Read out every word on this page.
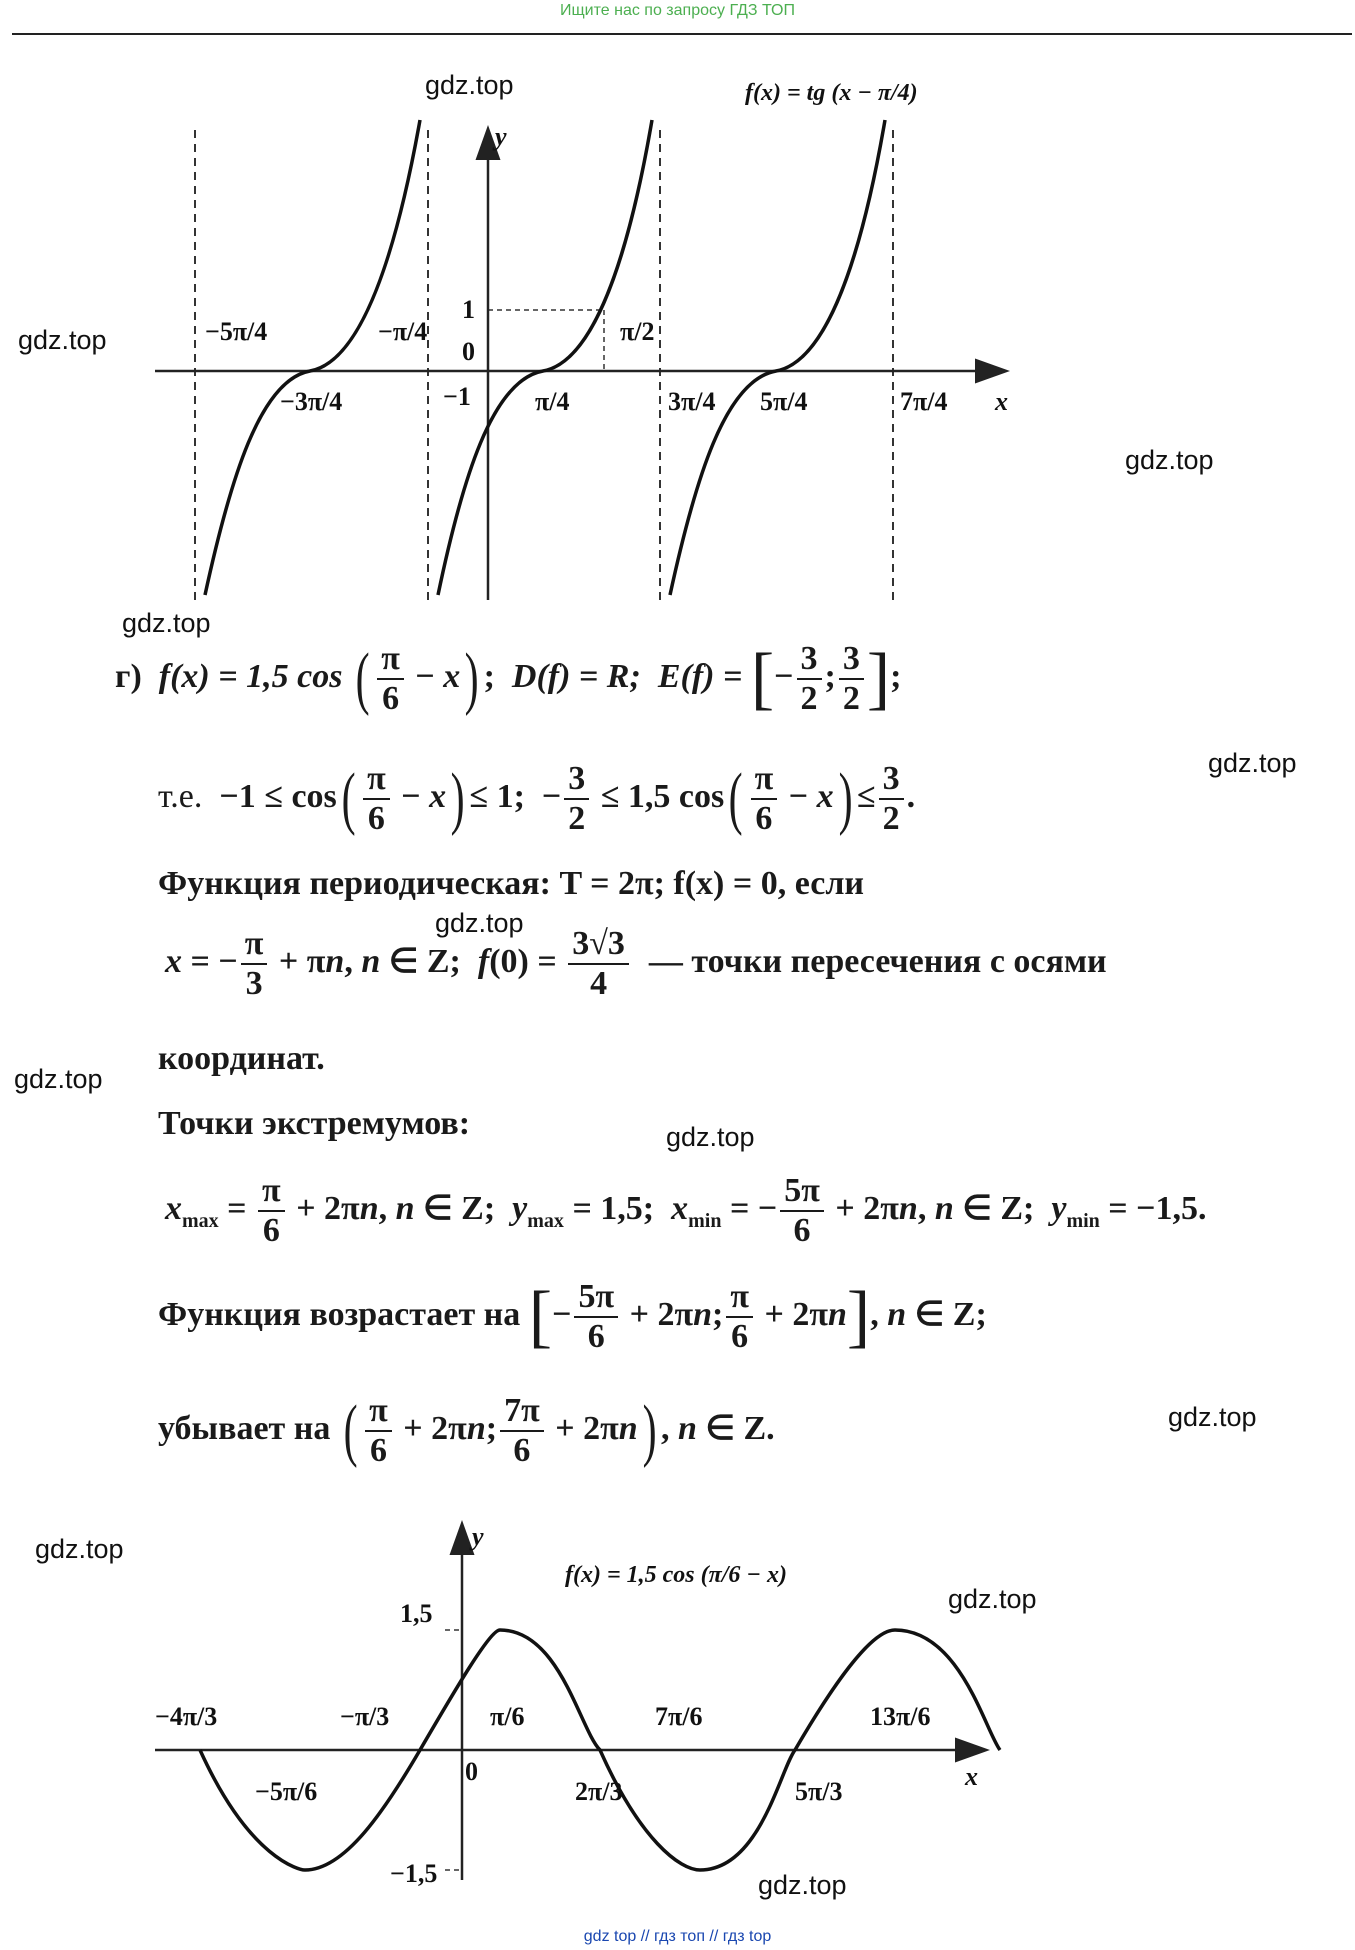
Ищите нас по запросу ГДЗ ТОП
y
x
f(x) = tg (x − π/4)
1
0
−1
−5π/4	−π/4
−3π/4	π/4
π/2
3π/4 5π/4	7π/4
gdz.top
gdz.top
gdz.top
gdz.top
gdz.top
gdz.top
gdz.top
gdz.top
gdz.top
gdz.top
gdz.top
gdz.top
г) f(x) = 1,5 cos ( $\frac{\pi}{6} - x$) ;  D(f) = R; E(f) = [− $\frac{3}{2}$ ; $\frac{3}{2}$ ];
т.е.  $-1 \le \cos( \frac{\pi}{6} - x) \le 1$;  − $\frac{3}{2} \le 1,5$ $\cos( \frac{\pi}{6} - x) \le \frac{3}{2}$ .
Функция периодическая: T = 2π; f(x) = 0, если
x = − $\frac{\pi}{3} + \pi n$, n ∈ Z;  $f(0) = \frac{3√3}{4}$ — точки пересечения с осями
координат.
Точки экстремумов:
$x_{max} = \frac{\pi}{6} + 2\pi n$, n ∈ Z;  $y_{max} = 1,5$;  $x_{min}$ = − $\frac{5\pi}{6} + 2\pi n$, n ∈ Z;  $y_{min} = -1,5$.
Функция возрастает на [− $\frac{5\pi}{6} + 2\pi n$; $\frac{\pi}{6} + 2\pi n$], n ∈ Z;
убывает на ( $\frac{\pi}{6} + 2\pi n$; $\frac{7\pi}{6} + 2\pi n$) , n ∈ Z.
y
x
f(x) = 1,5 cos (π/6 − x)
1,5
−1,5
0
−4π/3	−π/3	π/6	7π/6	13π/6
−5π/6	2π/3	5π/3
gdz top // гдз топ // гдз top
